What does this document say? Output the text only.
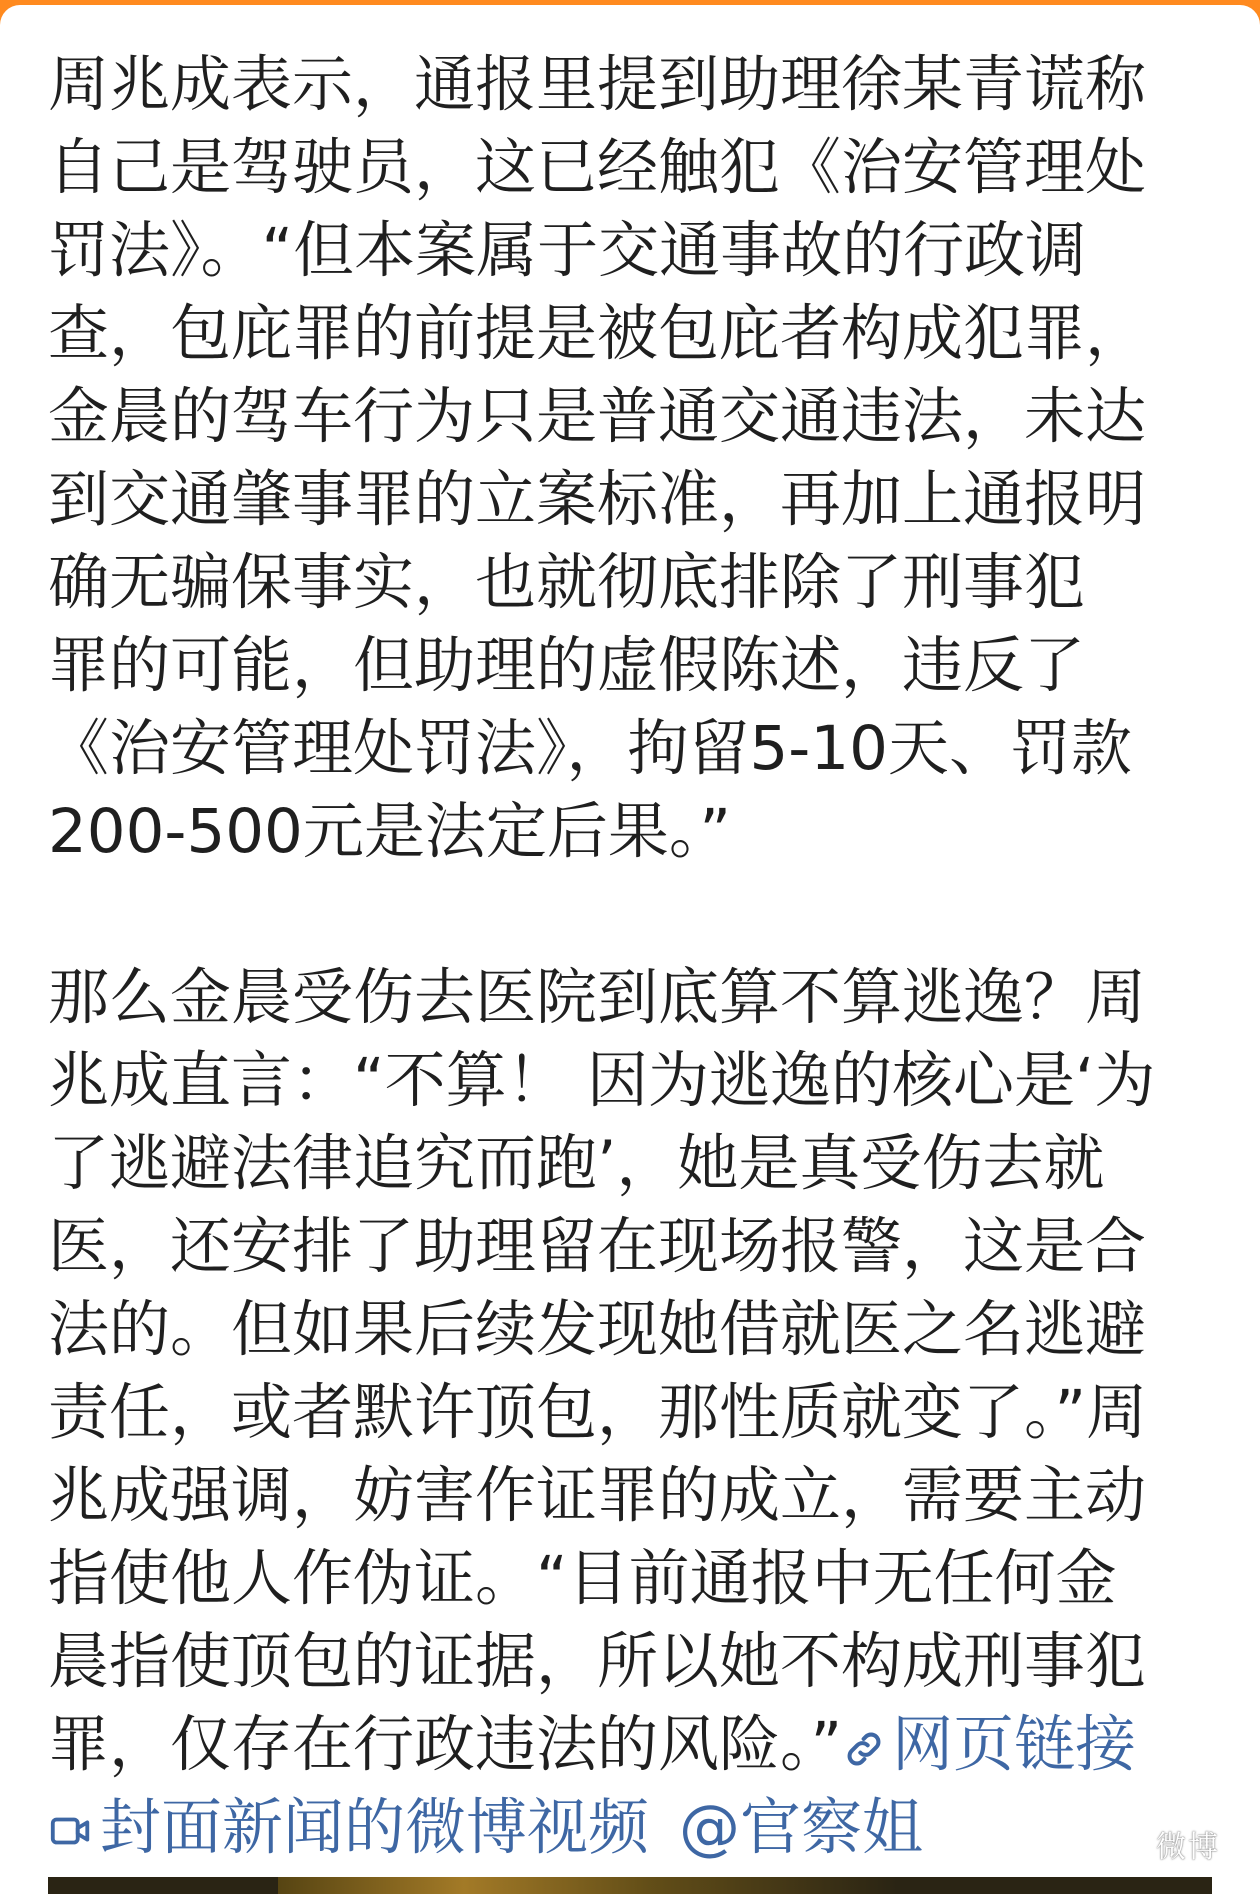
周兆成表示，通报里提到助理徐某青谎称
自己是驾驶员，这已经触犯《治安管理处
罚法》。“但本案属于交通事故的行政调
查，包庇罪的前提是被包庇者构成犯罪，
金晨的驾车行为只是普通交通违法，未达
到交通肇事罪的立案标准，再加上通报明
确无骗保事实，也就彻底排除了刑事犯
罪的可能，但助理的虚假陈述，违反了
《治安管理处罚法》，拘留5-10天、罚款
200-500元是法定后果。”
那么金晨受伤去医院到底算不算逃逸？周
兆成直言：“不算！ 因为逃逸的核心是‘为
了逃避法律追究而跑’，她是真受伤去就
医，还安排了助理留在现场报警，这是合
法的。但如果后续发现她借就医之名逃避
责任，或者默许顶包，那性质就变了。”周
兆成强调，妨害作证罪的成立，需要主动
指使他人作伪证。“目前通报中无任何金
晨指使顶包的证据，所以她不构成刑事犯
罪，仅存在行政违法的风险。” 网页链接
封面新闻的微博视频 @官察姐	微博
